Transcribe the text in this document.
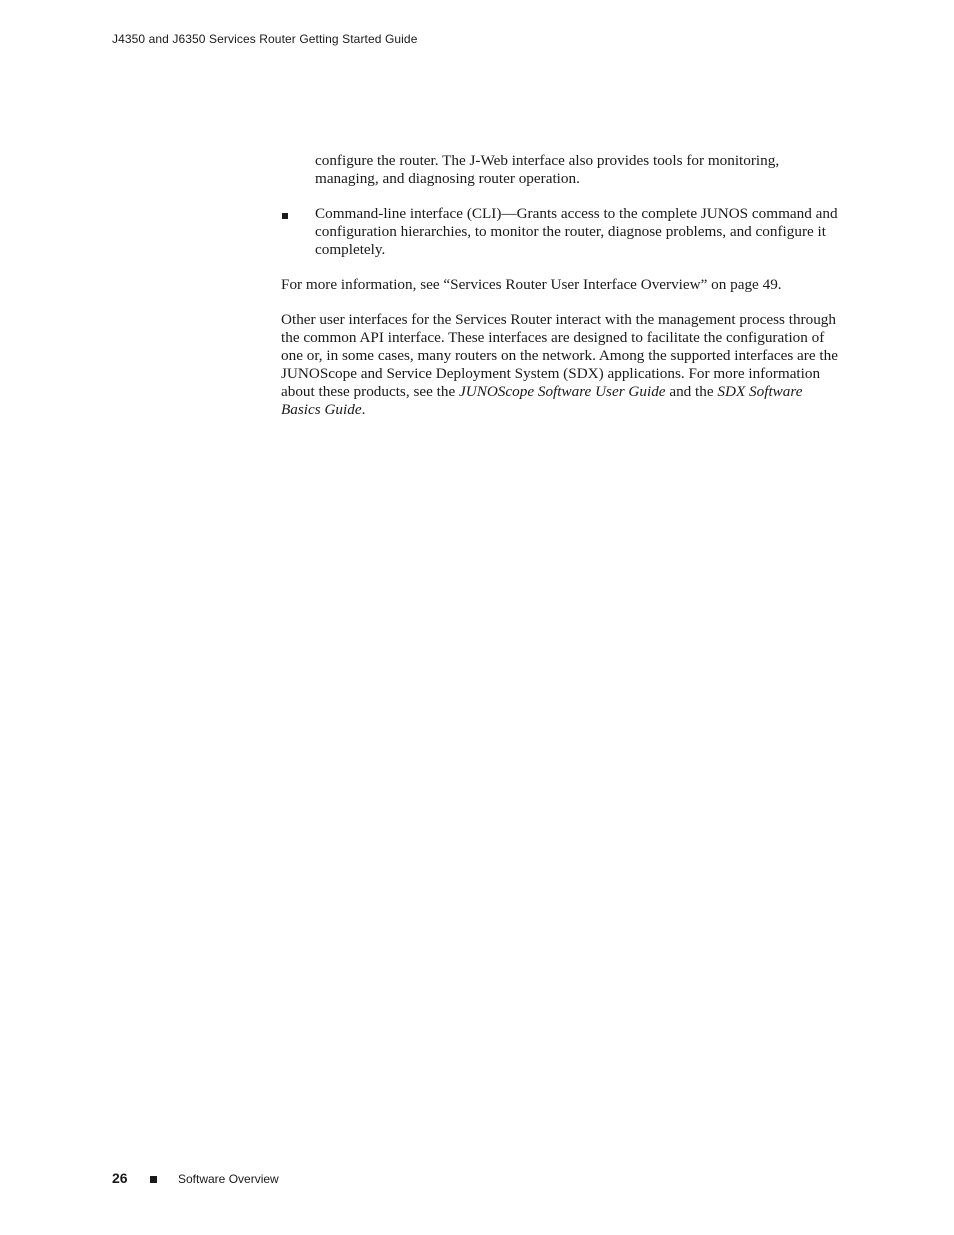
J4350 and J6350 Services Router Getting Started Guide
configure the router. The J-Web interface also provides tools for monitoring, managing, and diagnosing router operation.
Command-line interface (CLI)—Grants access to the complete JUNOS command and configuration hierarchies, to monitor the router, diagnose problems, and configure it completely.
For more information, see “Services Router User Interface Overview” on page 49.
Other user interfaces for the Services Router interact with the management process through the common API interface. These interfaces are designed to facilitate the configuration of one or, in some cases, many routers on the network. Among the supported interfaces are the JUNOScope and Service Deployment System (SDX) applications. For more information about these products, see the JUNOScope Software User Guide and the SDX Software Basics Guide.
26	Software Overview
